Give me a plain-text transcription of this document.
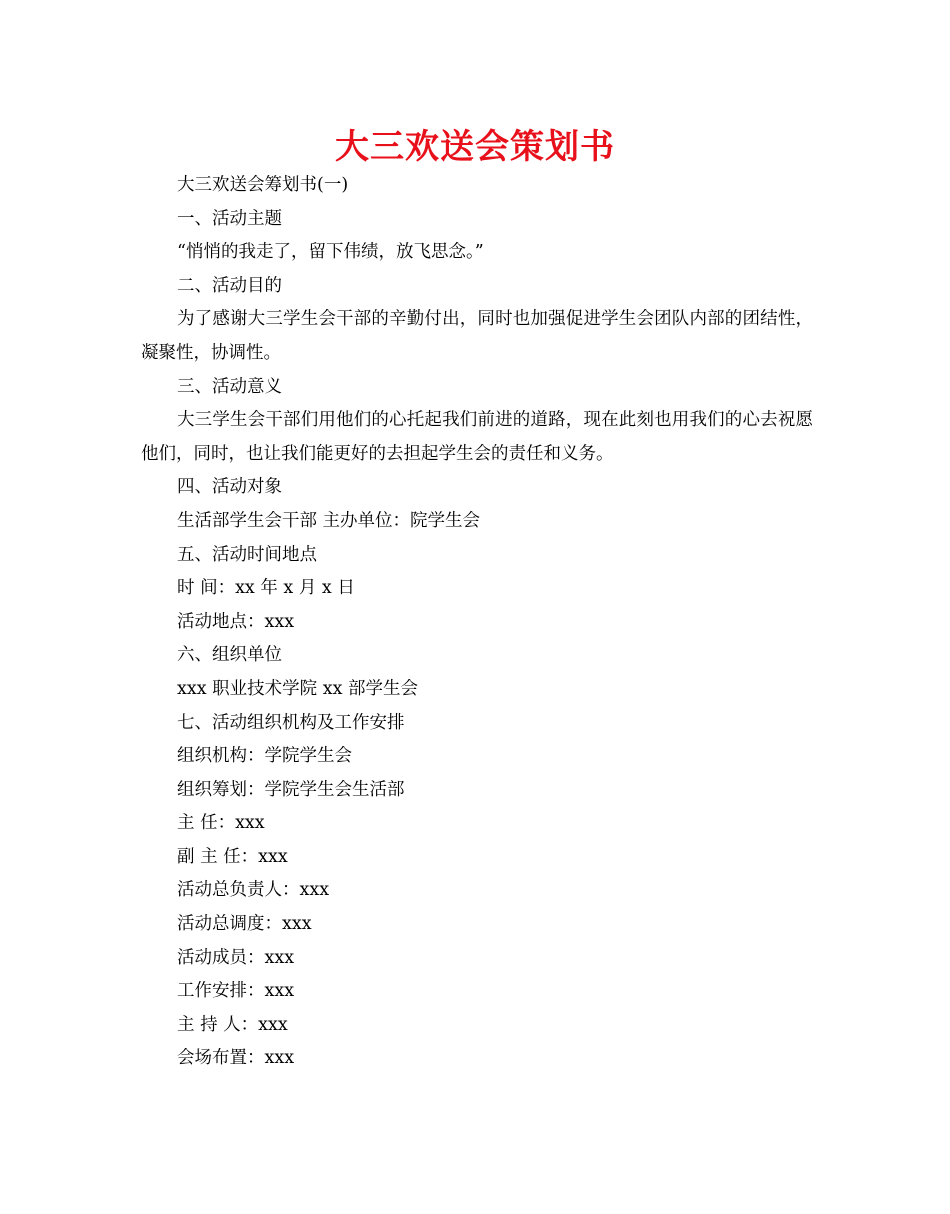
大三欢送会策划书

大三欢送会筹划书(一)

一、活动主题

“悄悄的我走了，留下伟绩，放飞思念。”

二、活动目的

为了感谢大三学生会干部的辛勤付出，同时也加强促进学生会团队内部的团结性，凝聚性，协调性。

三、活动意义

大三学生会干部们用他们的心托起我们前进的道路，现在此刻也用我们的心去祝愿他们，同时，也让我们能更好的去担起学生会的责任和义务。

四、活动对象

生活部学生会干部 主办单位：院学生会

五、活动时间地点

时 间：xx 年 x 月 x 日

活动地点：xxx

六、组织单位

xxx 职业技术学院 xx 部学生会

七、活动组织机构及工作安排

组织机构：学院学生会

组织筹划：学院学生会生活部

主 任：xxx

副 主 任：xxx

活动总负责人：xxx

活动总调度：xxx

活动成员：xxx

工作安排：xxx

主 持 人：xxx

会场布置：xxx
